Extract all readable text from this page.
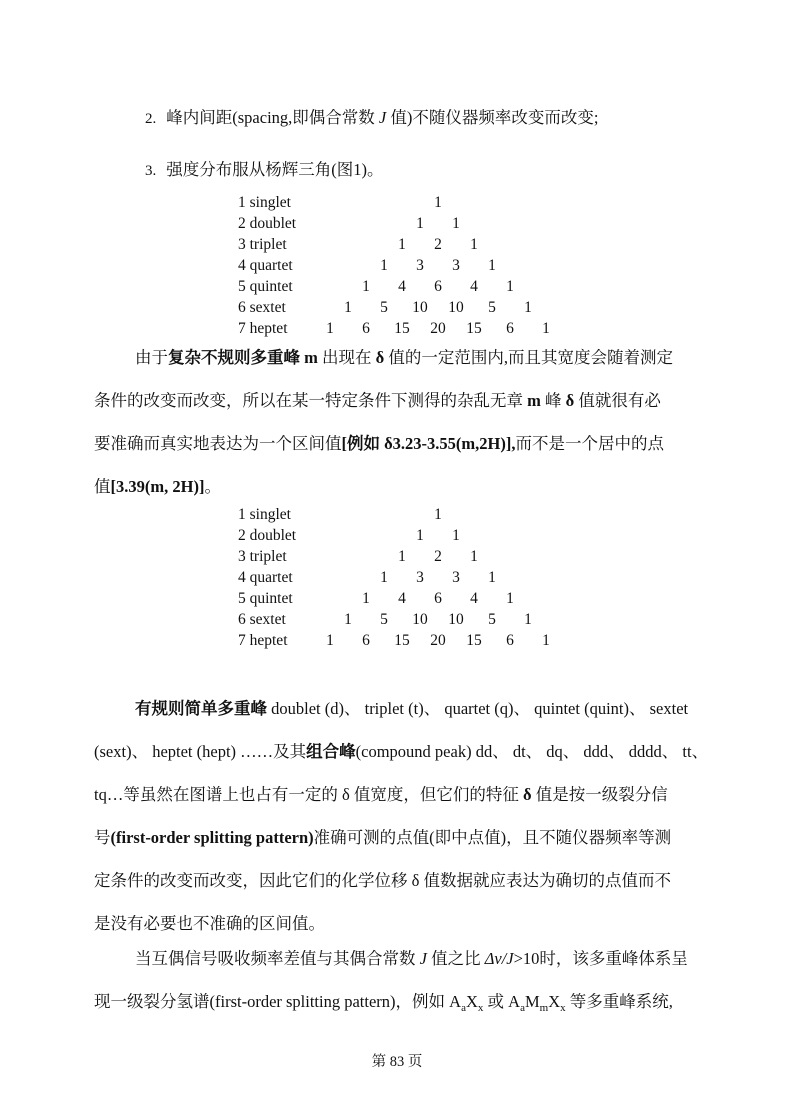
2. 峰内间距(spacing,即偶合常数 J 值)不随仪器频率改变而改变;
3. 强度分布服从杨辉三角(图1)。
1 singlet	1
2 doublet	1 1
3 triplet	1 2 1
4 quartet	1 3 3 1
5 quintet	1 4 6 4 1
6 sextet	1 5 10 10 5 1
7 heptet 1 6 15 20 15 6 1
由于复杂不规则多重峰 m 出现在 δ 值的一定范围内,而且其宽度会随着测定
条件的改变而改变，所以在某一特定条件下测得的杂乱无章 m 峰 δ 值就很有必
要准确而真实地表达为一个区间值[例如 δ3.23-3.55(m,2H)],而不是一个居中的点
值[3.39(m, 2H)]。
1 singlet	1
2 doublet	1 1
3 triplet	1 2 1
4 quartet	1 3 3 1
5 quintet	1 4 6 4 1
6 sextet	1 5 10 10 5 1
7 heptet 1 6 15 20 15 6 1
有规则简单多重峰 doublet (d)、 triplet (t)、 quartet (q)、 quintet (quint)、 sextet
(sext)、 heptet (hept) ……及其组合峰(compound peak) dd、 dt、 dq、 ddd、 dddd、 tt、
tq…等虽然在图谱上也占有一定的 δ 值宽度，但它们的特征 δ 值是按一级裂分信
号(first-order splitting pattern)准确可测的点值(即中点值)，且不随仪器频率等测
定条件的改变而改变，因此它们的化学位移 δ 值数据就应表达为确切的点值而不
是没有必要也不准确的区间值。
当互偶信号吸收频率差值与其偶合常数 J 值之比 Δv/J>10时，该多重峰体系呈
现一级裂分氢谱(first-order splitting pattern)，例如 $A_aX_x$ 或 $A_aM_mX_x$ 等多重峰系统,
第 83 页
